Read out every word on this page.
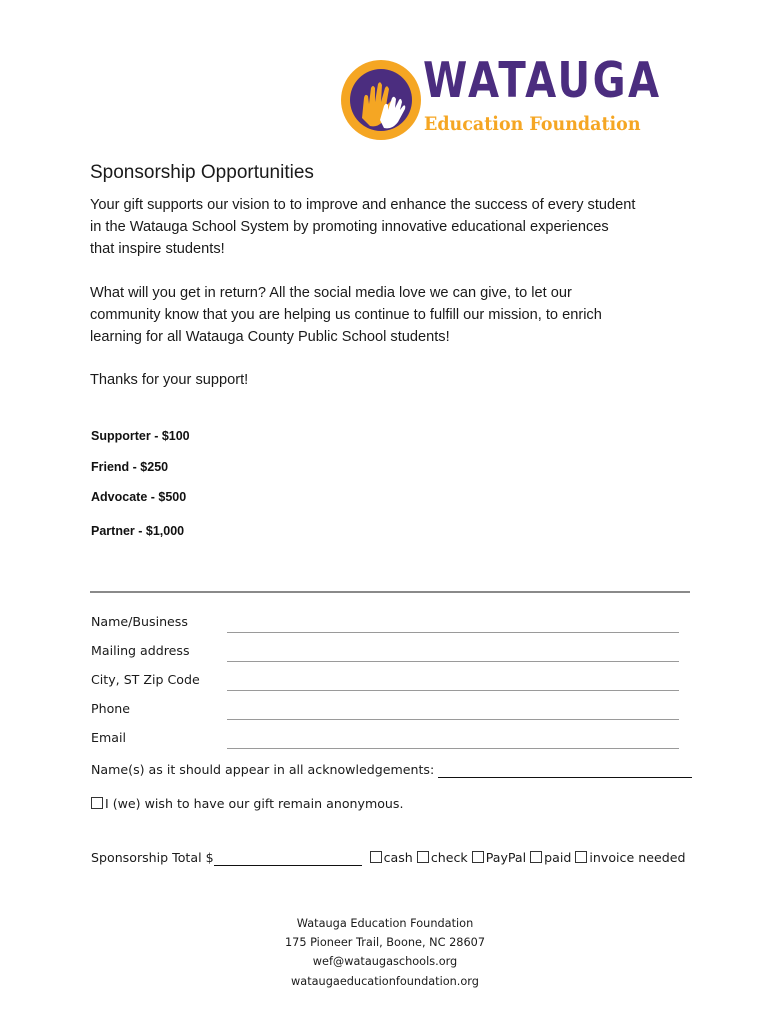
WATAUGA
Education Foundation
Sponsorship Opportunities
Your gift supports our vision to to improve and enhance the success of every student
in the Watauga School System by promoting innovative educational experiences
that inspire students!
What will you get in return? All the social media love we can give, to let our
community know that you are helping us continue to fulfill our mission, to enrich
learning for all Watauga County Public School students!
Thanks for your support!
Supporter - $100
Friend - $250
Advocate - $500
Partner - $1,000
Name/Business
Mailing address
City, ST Zip Code
Phone
Email
Name(s) as it should appear in all acknowledgements:
I (we) wish to have our gift remain anonymous.
Sponsorship Total $	cash check PayPal paid invoice needed
Watauga Education Foundation
175 Pioneer Trail, Boone, NC 28607
wef@wataugaschools.org
wataugaeducationfoundation.org
